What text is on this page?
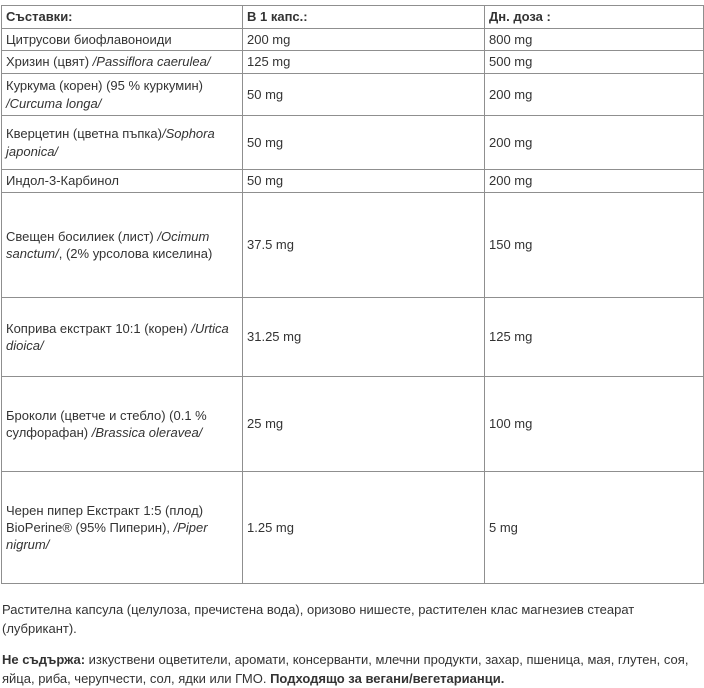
Съставки:	В 1 капс.:	Дн. доза :
Цитрусови биофлавоноиди	200 mg	800 mg
Хризин (цвят) /Passiflora caerulea/	125 mg	500 mg
Куркума (корен) (95 % куркумин) /Curcuma longa/	50 mg	200 mg
Кверцетин (цветна пъпка)/Sophora japonica/	50 mg	200 mg
Индол-3-Карбинол	50 mg	200 mg
Свещен босилиек (лист) /Ocimum sanctum/, (2% урсолова киселина)	37.5 mg	150 mg
Коприва екстракт 10:1 (корен) /Urtica dioica/	31.25 mg	125 mg
Броколи (цветче и стебло) (0.1 % сулфорафан) /Brassica oleravea/	25 mg	100 mg
Черен пипер Екстракт 1:5 (плод) BioPerine® (95% Пиперин), /Piper nigrum/	1.25 mg	5 mg

Растителна капсула (целулоза, пречистена вода), оризово нишесте, растителен клас магнезиев стеарат (лубрикант).

Не съдържа: изкуствени оцветители, аромати, консерванти, млечни продукти, захар, пшеница, мая, глутен, соя, яйца, риба, черупчести, сол, ядки или ГМО. Подходящо за вегани/вегетарианци.
